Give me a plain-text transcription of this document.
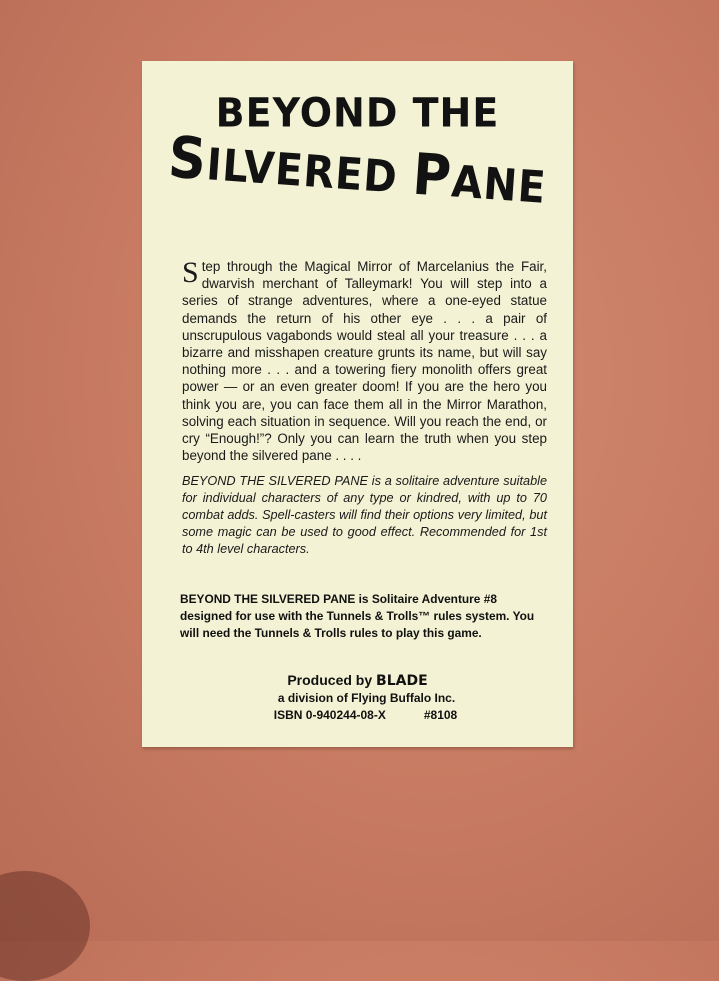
BEYOND THE
SILVERED PANE
Step through the Magical Mirror of Marcelanius the Fair, dwarvish merchant of Talleymark! You will step into a series of strange adventures, where a one-eyed statue demands the return of his other eye . . . a pair of unscrupulous vagabonds would steal all your treasure . . . a bizarre and misshapen creature grunts its name, but will say nothing more . . . and a towering fiery monolith offers great power — or an even greater doom! If you are the hero you think you are, you can face them all in the Mirror Marathon, solving each situation in sequence. Will you reach the end, or cry “Enough!”? Only you can learn the truth when you step beyond the silvered pane . . . .
BEYOND THE SILVERED PANE is a solitaire adventure suitable for individual characters of any type or kindred, with up to 70 combat adds. Spell-casters will find their options very limited, but some magic can be used to good effect. Recommended for 1st to 4th level characters.
BEYOND THE SILVERED PANE is Solitaire Adventure #8 designed for use with the Tunnels & Trolls™ rules system. You will need the Tunnels & Trolls rules to play this game.
Produced by BLADE
a division of Flying Buffalo Inc.
ISBN 0-940244-08-X	#8108
